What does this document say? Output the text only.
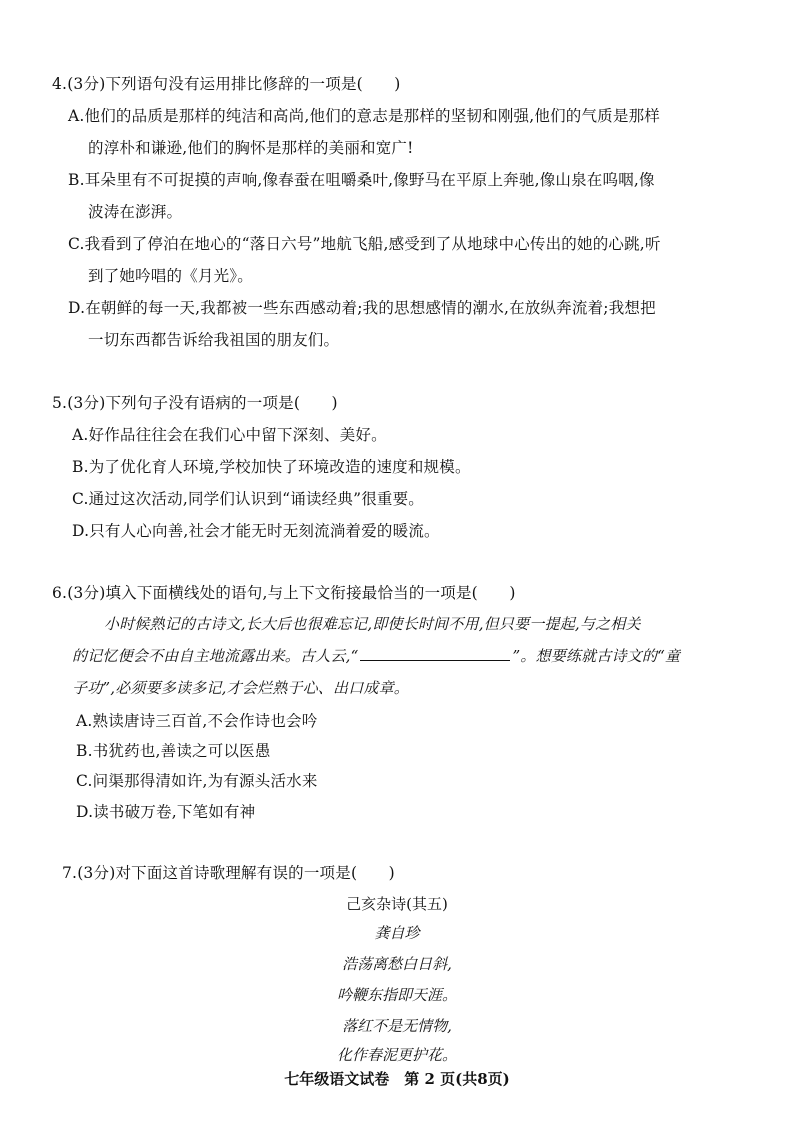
4.(3分)下列语句没有运用排比修辞的一项是(　　)
A.他们的品质是那样的纯洁和高尚,他们的意志是那样的坚韧和刚强,他们的气质是那样
的淳朴和谦逊,他们的胸怀是那样的美丽和宽广!
B.耳朵里有不可捉摸的声响,像春蚕在咀嚼桑叶,像野马在平原上奔驰,像山泉在呜咽,像
波涛在澎湃。
C.我看到了停泊在地心的“落日六号”地航飞船,感受到了从地球中心传出的她的心跳,听
到了她吟唱的《月光》。
D.在朝鲜的每一天,我都被一些东西感动着;我的思想感情的潮水,在放纵奔流着;我想把
一切东西都告诉给我祖国的朋友们。
5.(3分)下列句子没有语病的一项是(　　)
A.好作品往往会在我们心中留下深刻、美好。
B.为了优化育人环境,学校加快了环境改造的速度和规模。
C.通过这次活动,同学们认识到“诵读经典”很重要。
D.只有人心向善,社会才能无时无刻流淌着爱的暖流。
6.(3分)填入下面横线处的语句,与上下文衔接最恰当的一项是(　　)
小时候熟记的古诗文,长大后也很难忘记,即使长时间不用,但只要一提起,与之相关
的记忆便会不由自主地流露出来。古人云,“	”。想要练就古诗文的“童
子功”,必须要多读多记,才会烂熟于心、出口成章。
A.熟读唐诗三百首,不会作诗也会吟
B.书犹药也,善读之可以医愚
C.问渠那得清如许,为有源头活水来
D.读书破万卷,下笔如有神
7.(3分)对下面这首诗歌理解有误的一项是(　　)
己亥杂诗(其五)
龚自珍
浩荡离愁白日斜,
吟鞭东指即天涯。
落红不是无情物,
化作春泥更护花。
七年级语文试卷　第 2 页(共8页)
